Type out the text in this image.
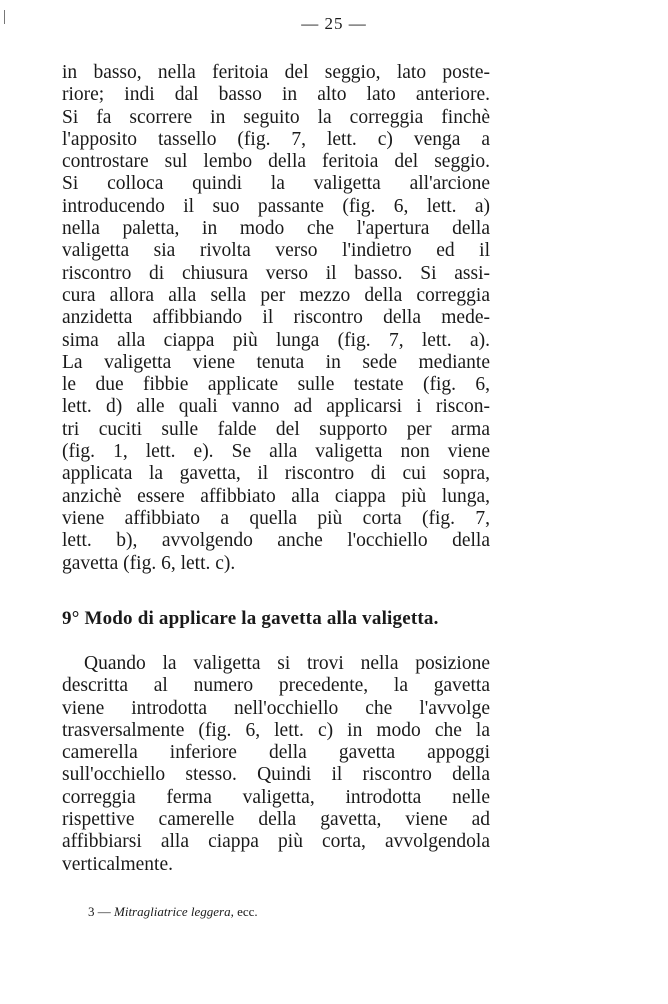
— 25 —
in basso, nella feritoia del seggio, lato poste-
riore; indi dal basso in alto lato anteriore.
Si fa scorrere in seguito la correggia finchè
l'apposito tassello (fig. 7, lett. c) venga a
controstare sul lembo della feritoia del seggio.
Si colloca quindi la valigetta all'arcione
introducendo il suo passante (fig. 6, lett. a)
nella paletta, in modo che l'apertura della
valigetta sia rivolta verso l'indietro ed il
riscontro di chiusura verso il basso. Si assi-
cura allora alla sella per mezzo della correggia
anzidetta affibbiando il riscontro della mede-
sima alla ciappa più lunga (fig. 7, lett. a).
La valigetta viene tenuta in sede mediante
le due fibbie applicate sulle testate (fig. 6,
lett. d) alle quali vanno ad applicarsi i riscon-
tri cuciti sulle falde del supporto per arma
(fig. 1, lett. e). Se alla valigetta non viene
applicata la gavetta, il riscontro di cui sopra,
anzichè essere affibbiato alla ciappa più lunga,
viene affibbiato a quella più corta (fig. 7,
lett. b), avvolgendo anche l'occhiello della
gavetta (fig. 6, lett. c).
9° Modo di applicare la gavetta alla valigetta.
Quando la valigetta si trovi nella posizione
descritta al numero precedente, la gavetta
viene introdotta nell'occhiello che l'avvolge
trasversalmente (fig. 6, lett. c) in modo che la
camerella inferiore della gavetta appoggi
sull'occhiello stesso. Quindi il riscontro della
correggia ferma valigetta, introdotta nelle
rispettive camerelle della gavetta, viene ad
affibbiarsi alla ciappa più corta, avvolgendola
verticalmente.
3 — Mitragliatrice leggera, ecc.
